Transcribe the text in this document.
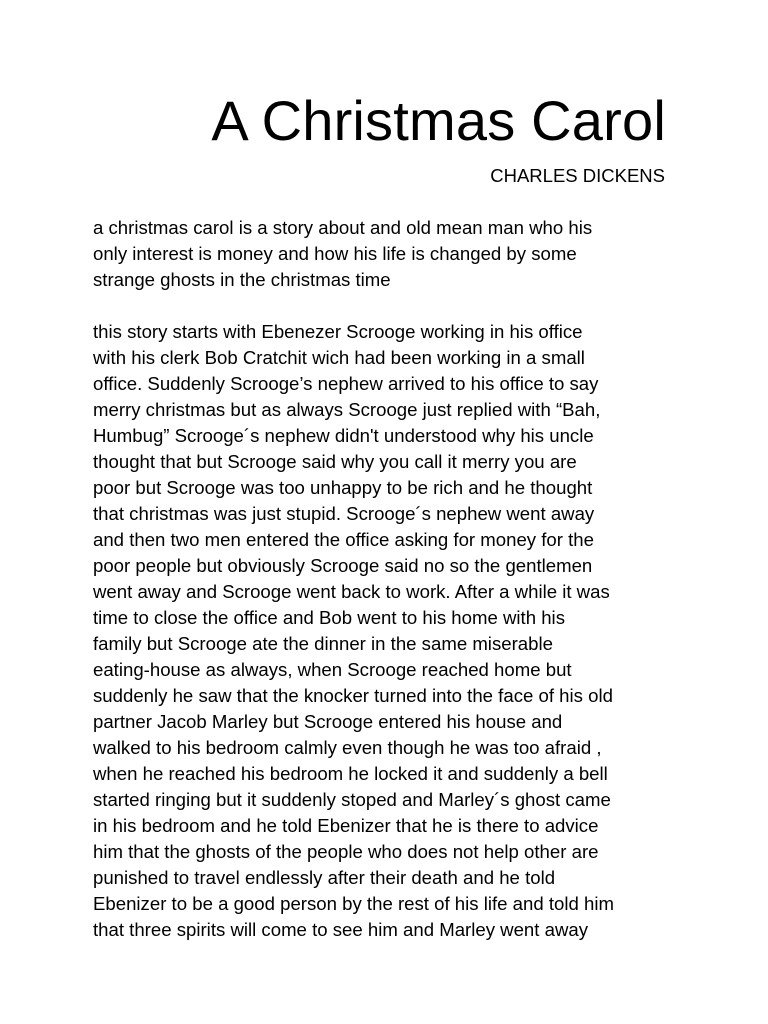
A Christmas Carol

CHARLES DICKENS

a christmas carol is a story about and old mean man who his
only interest is money and how his life is changed by some
strange ghosts in the christmas time
this story starts with Ebenezer Scrooge working in his office
with his clerk Bob Cratchit wich had been working in a small
office. Suddenly Scrooge’s nephew arrived to his office to say
merry christmas but as always Scrooge just replied with “Bah,
Humbug” Scrooge´s nephew didn't understood why his uncle
thought that but Scrooge said why you call it merry you are
poor but Scrooge was too unhappy to be rich and he thought
that christmas was just stupid. Scrooge´s nephew went away
and then two men entered the office asking for money for the
poor people but obviously Scrooge said no so the gentlemen
went away and Scrooge went back to work. After a while it was
time to close the office and Bob went to his home with his
family but Scrooge ate the dinner in the same miserable
eating-house as always, when Scrooge reached home but
suddenly he saw that the knocker turned into the face of his old
partner Jacob Marley but Scrooge entered his house and
walked to his bedroom calmly even though he was too afraid ,
when he reached his bedroom he locked it and suddenly a bell
started ringing but it suddenly stoped and Marley´s ghost came
in his bedroom and he told Ebenizer that he is there to advice
him that the ghosts of the people who does not help other are
punished to travel endlessly after their death and he told
Ebenizer to be a good person by the rest of his life and told him
that three spirits will come to see him and Marley went away
